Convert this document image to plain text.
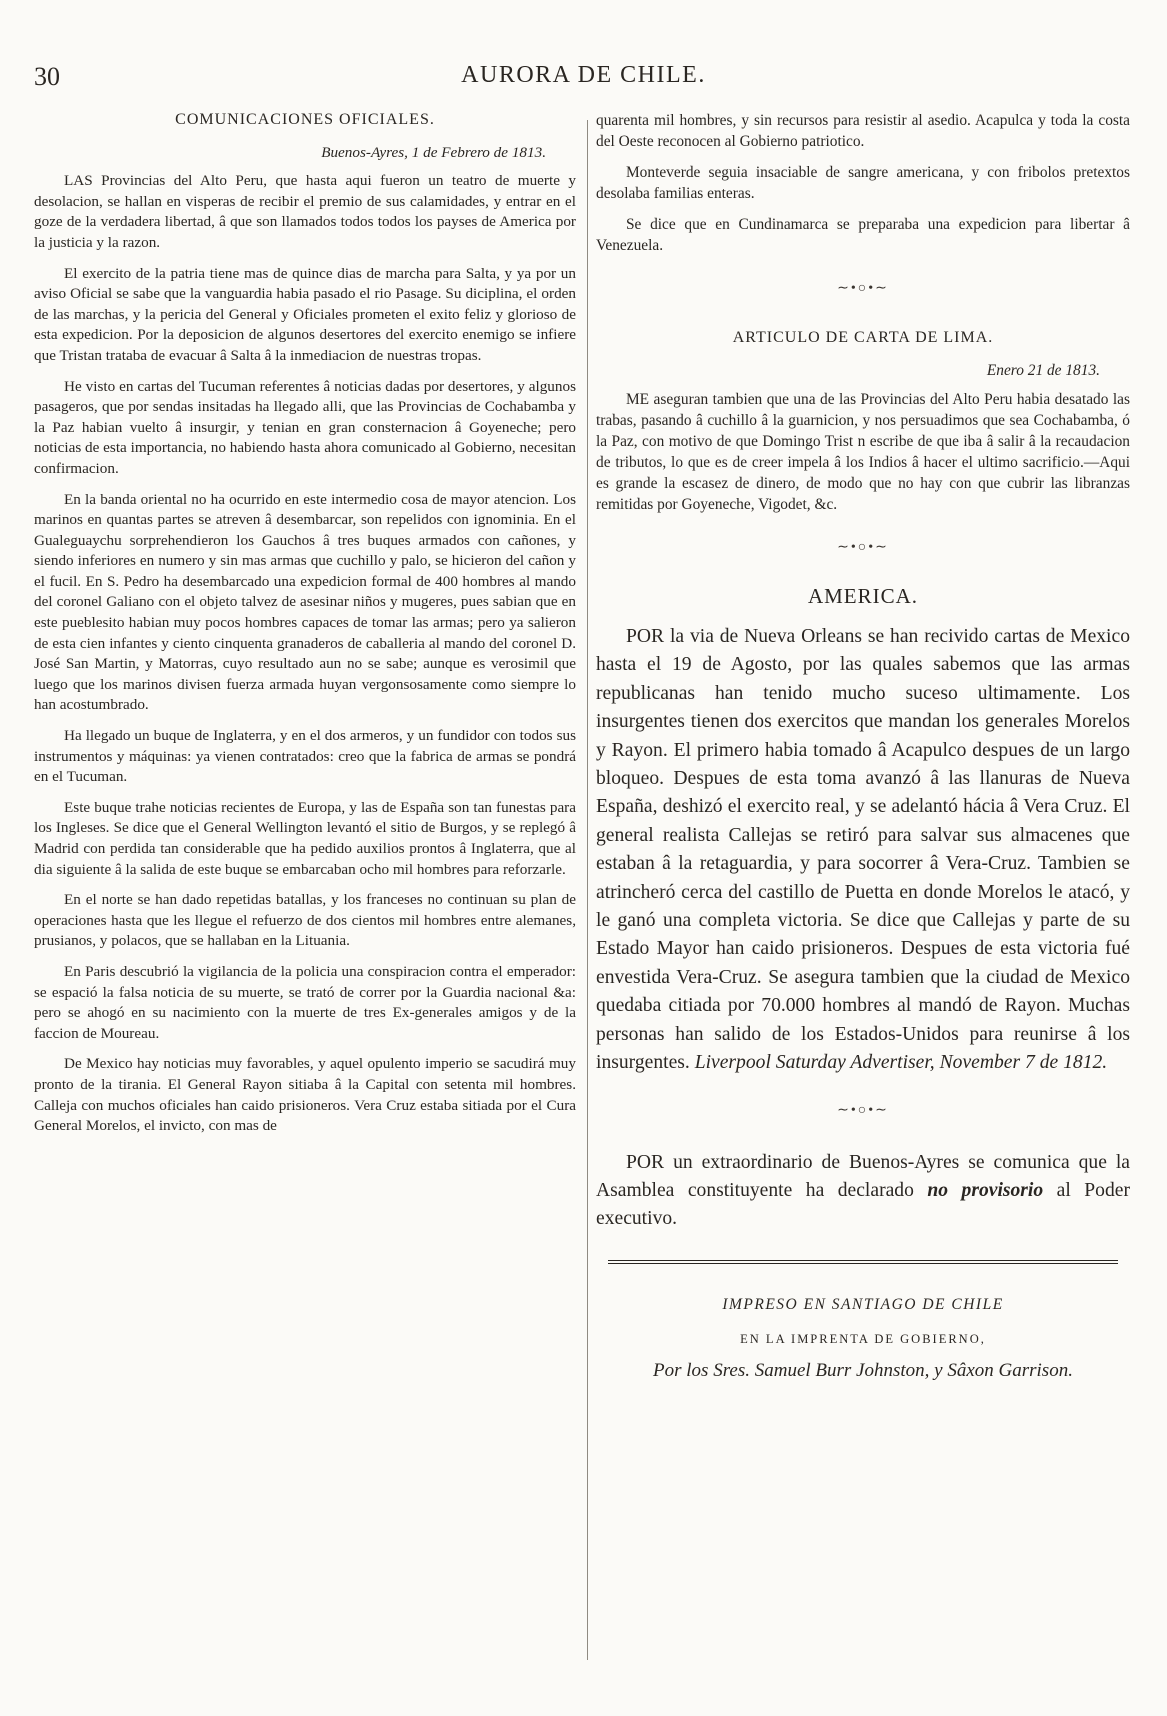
30	AURORA DE CHILE.
COMUNICACIONES OFICIALES.
Buenos-Ayres, 1 de Febrero de 1813.

LAS Provincias del Alto Peru, que hasta aqui fueron un teatro de muerte y desolacion, se hallan en visperas de recibir el premio de sus calamidades, y entrar en el goze de la verdadera libertad, â que son llamados todos todos los payses de America por la justicia y la razon.

El exercito de la patria tiene mas de quince dias de marcha para Salta, y ya por un aviso Oficial se sabe que la vanguardia habia pasado el rio Pasage. Su diciplina, el orden de las marchas, y la pericia del General y Oficiales prometen el exito feliz y glorioso de esta expedicion. Por la deposicion de algunos desertores del exercito enemigo se infiere que Tristan trataba de evacuar â Salta â la inmediacion de nuestras tropas.

He visto en cartas del Tucuman referentes â noticias dadas por desertores, y algunos pasageros, que por sendas insitadas ha llegado alli, que las Provincias de Cochabamba y la Paz habian vuelto â insurgir, y tenian en gran consternacion â Goyeneche; pero noticias de esta importancia, no habiendo hasta ahora comunicado al Gobierno, necesitan confirmacion.

En la banda oriental no ha ocurrido en este intermedio cosa de mayor atencion. Los marinos en quantas partes se atreven â desembarcar, son repelidos con ignominia. En el Gualeguaychu sorprehendieron los Gauchos â tres buques armados con cañones, y siendo inferiores en numero y sin mas armas que cuchillo y palo, se hicieron del cañon y el fucil. En S. Pedro ha desembarcado una expedicion formal de 400 hombres al mando del coronel Galiano con el objeto talvez de asesinar niños y mugeres, pues sabian que en este pueblesito habian muy pocos hombres capaces de tomar las armas; pero ya salieron de esta cien infantes y ciento cinquenta granaderos de caballeria al mando del coronel D. José San Martin, y Matorras, cuyo resultado aun no se sabe; aunque es verosimil que luego que los marinos divisen fuerza armada huyan vergonsosamente como siempre lo han acostumbrado.

Ha llegado un buque de Inglaterra, y en el dos armeros, y un fundidor con todos sus instrumentos y máquinas: ya vienen contratados: creo que la fabrica de armas se pondrá en el Tucuman.

Este buque trahe noticias recientes de Europa, y las de España son tan funestas para los Ingleses. Se dice que el General Wellington levantó el sitio de Burgos, y se replegó â Madrid con perdida tan considerable que ha pedido auxilios prontos â Inglaterra, que al dia siguiente â la salida de este buque se embarcaban ocho mil hombres para reforzarle.

En el norte se han dado repetidas batallas, y los franceses no continuan su plan de operaciones hasta que les llegue el refuerzo de dos cientos mil hombres entre alemanes, prusianos, y polacos, que se hallaban en la Lituania.

En Paris descubrió la vigilancia de la policia una conspiracion contra el emperador: se espació la falsa noticia de su muerte, se trató de correr por la Guardia nacional &a: pero se ahogó en su nacimiento con la muerte de tres Ex-generales amigos y de la faccion de Moureau.

De Mexico hay noticias muy favorables, y aquel opulento imperio se sacudirá muy pronto de la tirania. El General Rayon sitiaba â la Capital con setenta mil hombres. Calleja con muchos oficiales han caido prisioneros. Vera Cruz estaba sitiada por el Cura General Morelos, el invicto, con mas de

quarenta mil hombres, y sin recursos para resistir al asedio. Acapulca y toda la costa del Oeste reconocen al Gobierno patriotico.

Monteverde seguia insaciable de sangre americana, y con fribolos pretextos desolaba familias enteras.

Se dice que en Cundinamarca se preparaba una expedicion para libertar â Venezuela.

∼•○•∼
ARTICULO DE CARTA DE LIMA.
Enero 21 de 1813.

ME aseguran tambien que una de las Provincias del Alto Peru habia desatado las trabas, pasando â cuchillo â la guarnicion, y nos persuadimos que sea Cochabamba, ó la Paz, con motivo de que Domingo Trist n escribe de que iba â salir â la recaudacion de tributos, lo que es de creer impela â los Indios â hacer el ultimo sacrificio.—Aqui es grande la escasez de dinero, de modo que no hay con que cubrir las libranzas remitidas por Goyeneche, Vigodet, &c.

∼•○•∼
AMERICA.

POR la via de Nueva Orleans se han recivido cartas de Mexico hasta el 19 de Agosto, por las quales sabemos que las armas republicanas han tenido mucho suceso ultimamente. Los insurgentes tienen dos exercitos que mandan los generales Morelos y Rayon. El primero habia tomado â Acapulco despues de un largo bloqueo. Despues de esta toma avanzó â las llanuras de Nueva España, deshizó el exercito real, y se adelantó hácia â Vera Cruz. El general realista Callejas se retiró para salvar sus almacenes que estaban â la retaguardia, y para socorrer â Vera-Cruz. Tambien se atrincheró cerca del castillo de Puetta en donde Morelos le atacó, y le ganó una completa victoria. Se dice que Callejas y parte de su Estado Mayor han caido prisioneros. Despues de esta victoria fué envestida Vera-Cruz. Se asegura tambien que la ciudad de Mexico quedaba citiada por 70.000 hombres al mandó de Rayon. Muchas personas han salido de los Estados-Unidos para reunirse â los insurgentes. Liverpool Saturday Advertiser, November 7 de 1812.

∼•○•∼

POR un extraordinario de Buenos-Ayres se comunica que la Asamblea constituyente ha declarado no provisorio al Poder executivo.

IMPRESO EN SANTIAGO DE CHILE
EN LA IMPRENTA DE GOBIERNO,
Por los Sres. Samuel Burr Johnston, y Sâxon Garrison.
